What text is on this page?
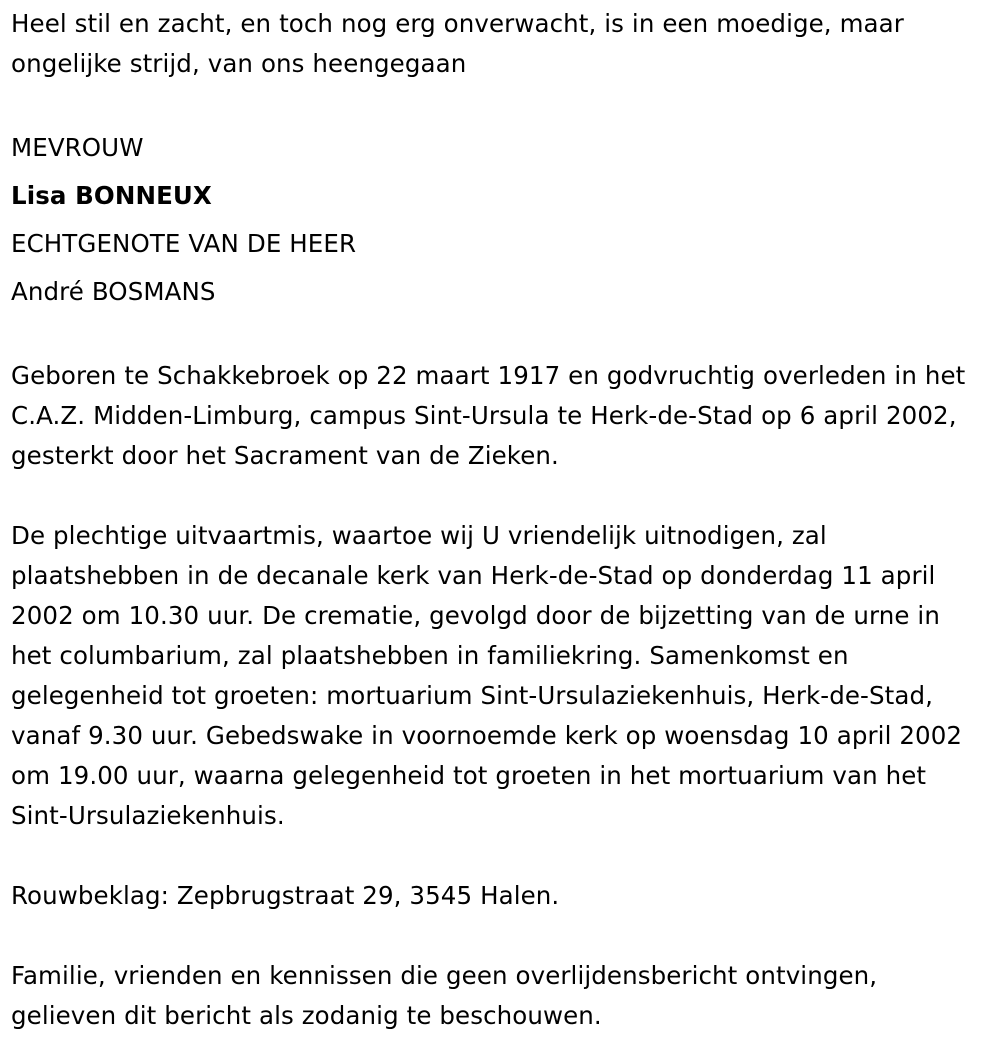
Heel stil en zacht, en toch nog erg onverwacht, is in een moedige, maar ongelijke strijd, van ons heengegaan

MEVROUW

Lisa BONNEUX

ECHTGENOTE VAN DE HEER

André BOSMANS

Geboren te Schakkebroek op 22 maart 1917 en godvruchtig overleden in het C.A.Z. Midden-Limburg, campus Sint-Ursula te Herk-de-Stad op 6 april 2002, gesterkt door het Sacrament van de Zieken.

De plechtige uitvaartmis, waartoe wij U vriendelijk uitnodigen, zal plaatshebben in de decanale kerk van Herk-de-Stad op donderdag 11 april 2002 om 10.30 uur. De crematie, gevolgd door de bijzetting van de urne in het columbarium, zal plaatshebben in familiekring. Samenkomst en gelegenheid tot groeten: mortuarium Sint-Ursulaziekenhuis, Herk-de-Stad, vanaf 9.30 uur. Gebedswake in voornoemde kerk op woensdag 10 april 2002 om 19.00 uur, waarna gelegenheid tot groeten in het mortuarium van het Sint-Ursulaziekenhuis.

Rouwbeklag: Zepbrugstraat 29, 3545 Halen.

Familie, vrienden en kennissen die geen overlijdensbericht ontvingen, gelieven dit bericht als zodanig te beschouwen.
